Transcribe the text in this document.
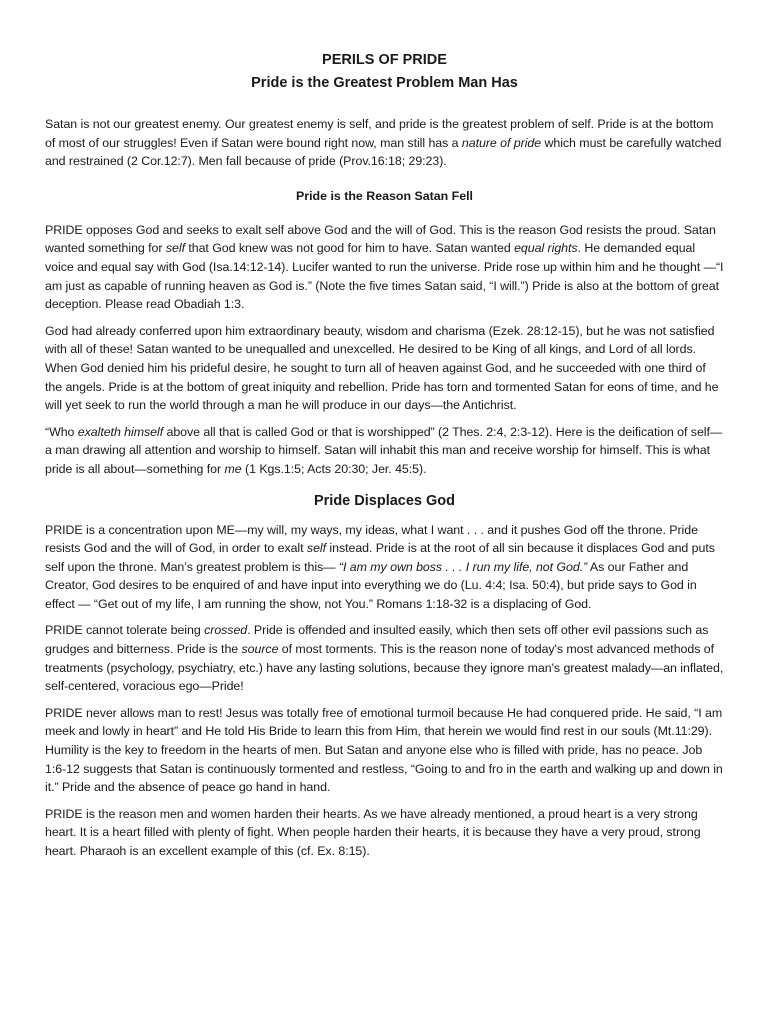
PERILS OF PRIDE
Pride is the Greatest Problem Man Has

Satan is not our greatest enemy. Our greatest enemy is self, and pride is the greatest problem of self. Pride is at the bottom of most of our struggles! Even if Satan were bound right now, man still has a nature of pride which must be carefully watched and restrained (2 Cor.12:7). Men fall because of pride (Prov.16:18; 29:23).

Pride is the Reason Satan Fell

PRIDE opposes God and seeks to exalt self above God and the will of God. This is the reason God resists the proud. Satan wanted something for self that God knew was not good for him to have. Satan wanted equal rights. He demanded equal voice and equal say with God (Isa.14:12-14). Lucifer wanted to run the universe. Pride rose up within him and he thought —“I am just as capable of running heaven as God is.” (Note the five times Satan said, “I will.”) Pride is also at the bottom of great deception. Please read Obadiah 1:3.

God had already conferred upon him extraordinary beauty, wisdom and charisma (Ezek. 28:12-15), but he was not satisfied with all of these! Satan wanted to be unequalled and unexcelled. He desired to be King of all kings, and Lord of all lords. When God denied him his prideful desire, he sought to turn all of heaven against God, and he succeeded with one third of the angels. Pride is at the bottom of great iniquity and rebellion. Pride has torn and tormented Satan for eons of time, and he will yet seek to run the world through a man he will produce in our days—the Antichrist.

“Who exalteth himself above all that is called God or that is worshipped” (2 Thes. 2:4, 2:3-12). Here is the deification of self—a man drawing all attention and worship to himself. Satan will inhabit this man and receive worship for himself. This is what pride is all about—something for me (1 Kgs.1:5; Acts 20:30; Jer. 45:5).

Pride Displaces God

PRIDE is a concentration upon ME—my will, my ways, my ideas, what I want . . . and it pushes God off the throne. Pride resists God and the will of God, in order to exalt self instead. Pride is at the root of all sin because it displaces God and puts self upon the throne. Man’s greatest problem is this— “I am my own boss . . . I run my life, not God.” As our Father and Creator, God desires to be enquired of and have input into everything we do (Lu. 4:4; Isa. 50:4), but pride says to God in effect — “Get out of my life, I am running the show, not You.” Romans 1:18-32 is a displacing of God.

PRIDE cannot tolerate being crossed. Pride is offended and insulted easily, which then sets off other evil passions such as grudges and bitterness. Pride is the source of most torments. This is the reason none of today's most advanced methods of treatments (psychology, psychiatry, etc.) have any lasting solutions, because they ignore man's greatest malady—an inflated, self-centered, voracious ego—Pride!

PRIDE never allows man to rest! Jesus was totally free of emotional turmoil because He had conquered pride. He said, “I am meek and lowly in heart” and He told His Bride to learn this from Him, that herein we would find rest in our souls (Mt.11:29). Humility is the key to freedom in the hearts of men. But Satan and anyone else who is filled with pride, has no peace. Job 1:6-12 suggests that Satan is continuously tormented and restless, “Going to and fro in the earth and walking up and down in it.” Pride and the absence of peace go hand in hand.

PRIDE is the reason men and women harden their hearts. As we have already mentioned, a proud heart is a very strong heart. It is a heart filled with plenty of fight. When people harden their hearts, it is because they have a very proud, strong heart. Pharaoh is an excellent example of this (cf. Ex. 8:15).
